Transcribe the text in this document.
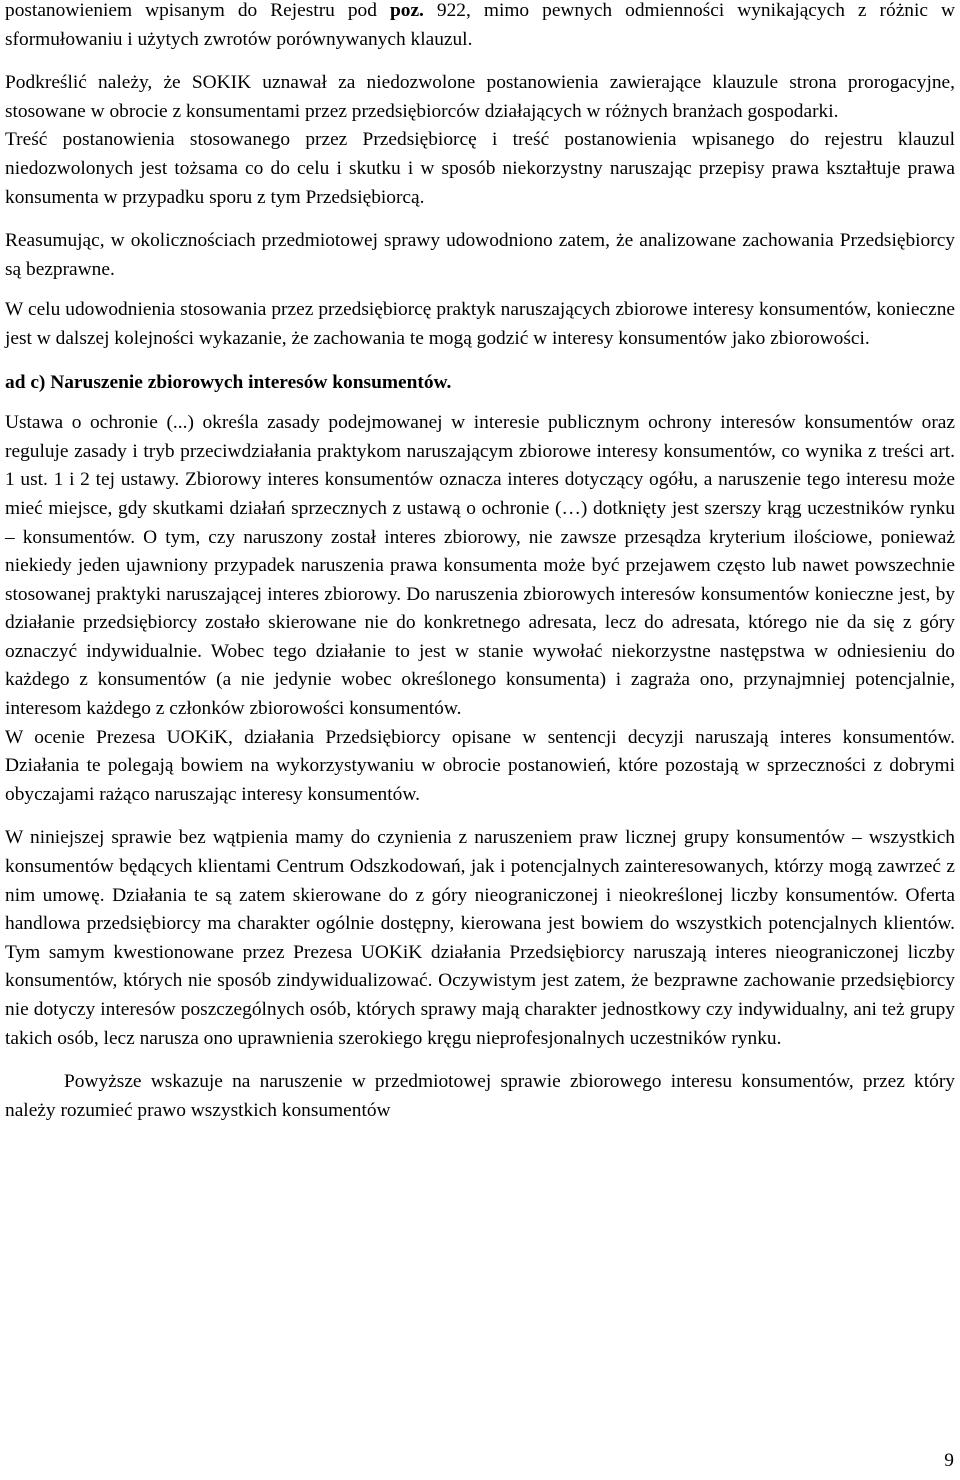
postanowieniem wpisanym do Rejestru pod poz. 922, mimo pewnych odmienności wynikających z różnic w sformułowaniu i użytych zwrotów porównywanych klauzul.

Podkreślić należy, że SOKIK uznawał za niedozwolone postanowienia zawierające klauzule strona prorogacyjne, stosowane w obrocie z konsumentami przez przedsiębiorców działających w różnych branżach gospodarki.

Treść postanowienia stosowanego przez Przedsiębiorcę i treść postanowienia wpisanego do rejestru klauzul niedozwolonych jest tożsama co do celu i skutku i w sposób niekorzystny naruszając przepisy prawa kształtuje prawa konsumenta w przypadku sporu z tym Przedsiębiorcą.

Reasumując, w okolicznościach przedmiotowej sprawy udowodniono zatem, że analizowane zachowania Przedsiębiorcy są bezprawne.

W celu udowodnienia stosowania przez przedsiębiorcę praktyk naruszających zbiorowe interesy konsumentów, konieczne jest w dalszej kolejności wykazanie, że zachowania te mogą godzić w interesy konsumentów jako zbiorowości.

ad c) Naruszenie zbiorowych interesów konsumentów.

Ustawa o ochronie (...) określa zasady podejmowanej w interesie publicznym ochrony interesów konsumentów oraz reguluje zasady i tryb przeciwdziałania praktykom naruszającym zbiorowe interesy konsumentów, co wynika z treści art. 1 ust. 1 i 2 tej ustawy. Zbiorowy interes konsumentów oznacza interes dotyczący ogółu, a naruszenie tego interesu może mieć miejsce, gdy skutkami działań sprzecznych z ustawą o ochronie (…) dotknięty jest szerszy krąg uczestników rynku – konsumentów. O tym, czy naruszony został interes zbiorowy, nie zawsze przesądza kryterium ilościowe, ponieważ niekiedy jeden ujawniony przypadek naruszenia prawa konsumenta może być przejawem często lub nawet powszechnie stosowanej praktyki naruszającej interes zbiorowy. Do naruszenia zbiorowych interesów konsumentów konieczne jest, by działanie przedsiębiorcy zostało skierowane nie do konkretnego adresata, lecz do adresata, którego nie da się z góry oznaczyć indywidualnie. Wobec tego działanie to jest w stanie wywołać niekorzystne następstwa w odniesieniu do każdego z konsumentów (a nie jedynie wobec określonego konsumenta) i zagraża ono, przynajmniej potencjalnie, interesom każdego z członków zbiorowości konsumentów.

W ocenie Prezesa UOKiK, działania Przedsiębiorcy opisane w sentencji decyzji naruszają interes konsumentów. Działania te polegają bowiem na wykorzystywaniu w obrocie postanowień, które pozostają w sprzeczności z dobrymi obyczajami rażąco naruszając interesy konsumentów.

W niniejszej sprawie bez wątpienia mamy do czynienia z naruszeniem praw licznej grupy konsumentów – wszystkich konsumentów będących klientami Centrum Odszkodowań, jak i potencjalnych zainteresowanych, którzy mogą zawrzeć z nim umowę. Działania te są zatem skierowane do z góry nieograniczonej i nieokreślonej liczby konsumentów. Oferta handlowa przedsiębiorcy ma charakter ogólnie dostępny, kierowana jest bowiem do wszystkich potencjalnych klientów. Tym samym kwestionowane przez Prezesa UOKiK działania Przedsiębiorcy naruszają interes nieograniczonej liczby konsumentów, których nie sposób zindywidualizować. Oczywistym jest zatem, że bezprawne zachowanie przedsiębiorcy nie dotyczy interesów poszczególnych osób, których sprawy mają charakter jednostkowy czy indywidualny, ani też grupy takich osób, lecz narusza ono uprawnienia szerokiego kręgu nieprofesjonalnych uczestników rynku.

Powyższe wskazuje na naruszenie w przedmiotowej sprawie zbiorowego interesu konsumentów, przez który należy rozumieć prawo wszystkich konsumentów

9
